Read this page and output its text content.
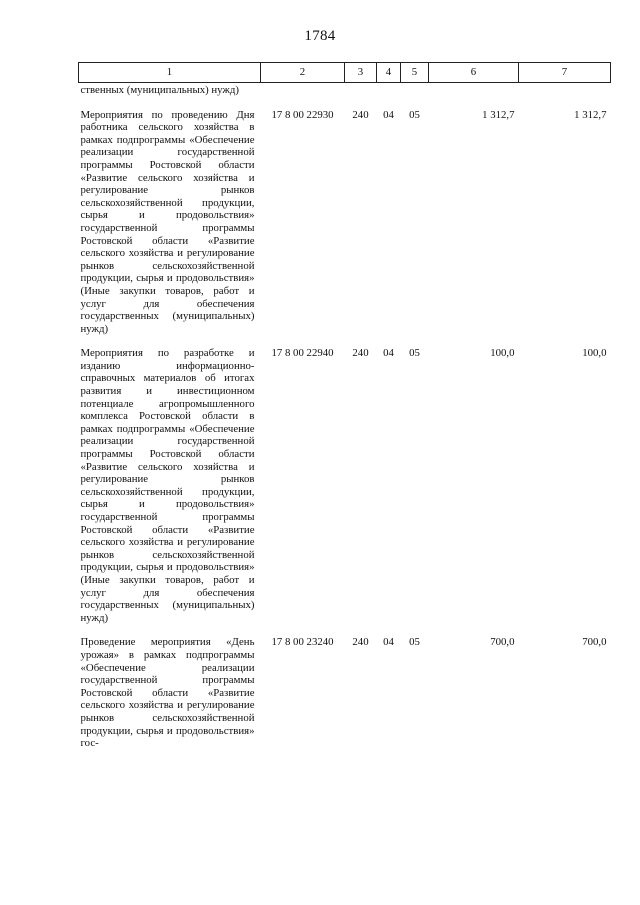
1784
1	2	3	4	5	6	7
ственных (муниципальных) нужд)						
Мероприятия по проведению Дня работника сельского хозяйства в рамках подпрограммы «Обеспечение реализации государственной программы Ростовской области «Развитие сельского хозяйства и регулирование рынков сельскохозяйственной продукции, сырья и продовольствия» государственной программы Ростовской области «Развитие сельского хозяйства и регулирование рынков сельскохозяйственной продукции, сырья и продовольствия» (Иные закупки товаров, работ и услуг для обеспечения государственных (муниципальных) нужд)	17 8 00 22930	240	04	05	1 312,7	1 312,7
Мероприятия по разработке и изданию информационно-справочных материалов об итогах развития и инвестиционном потенциале агропромышленного комплекса Ростовской области в рамках подпрограммы «Обеспечение реализации государственной программы Ростовской области «Развитие сельского хозяйства и регулирование рынков сельскохозяйственной продукции, сырья и продовольствия» государственной программы Ростовской области «Развитие сельского хозяйства и регулирование рынков сельскохозяйственной продукции, сырья и продовольствия» (Иные закупки товаров, работ и услуг для обеспечения государственных (муниципальных) нужд)	17 8 00 22940	240	04	05	100,0	100,0
Проведение мероприятия «День урожая» в рамках подпрограммы «Обеспечение реализации государственной программы Ростовской области «Развитие сельского хозяйства и регулирование рынков сельскохозяйственной продукции, сырья и продовольствия» гос-	17 8 00 23240	240	04	05	700,0	700,0
